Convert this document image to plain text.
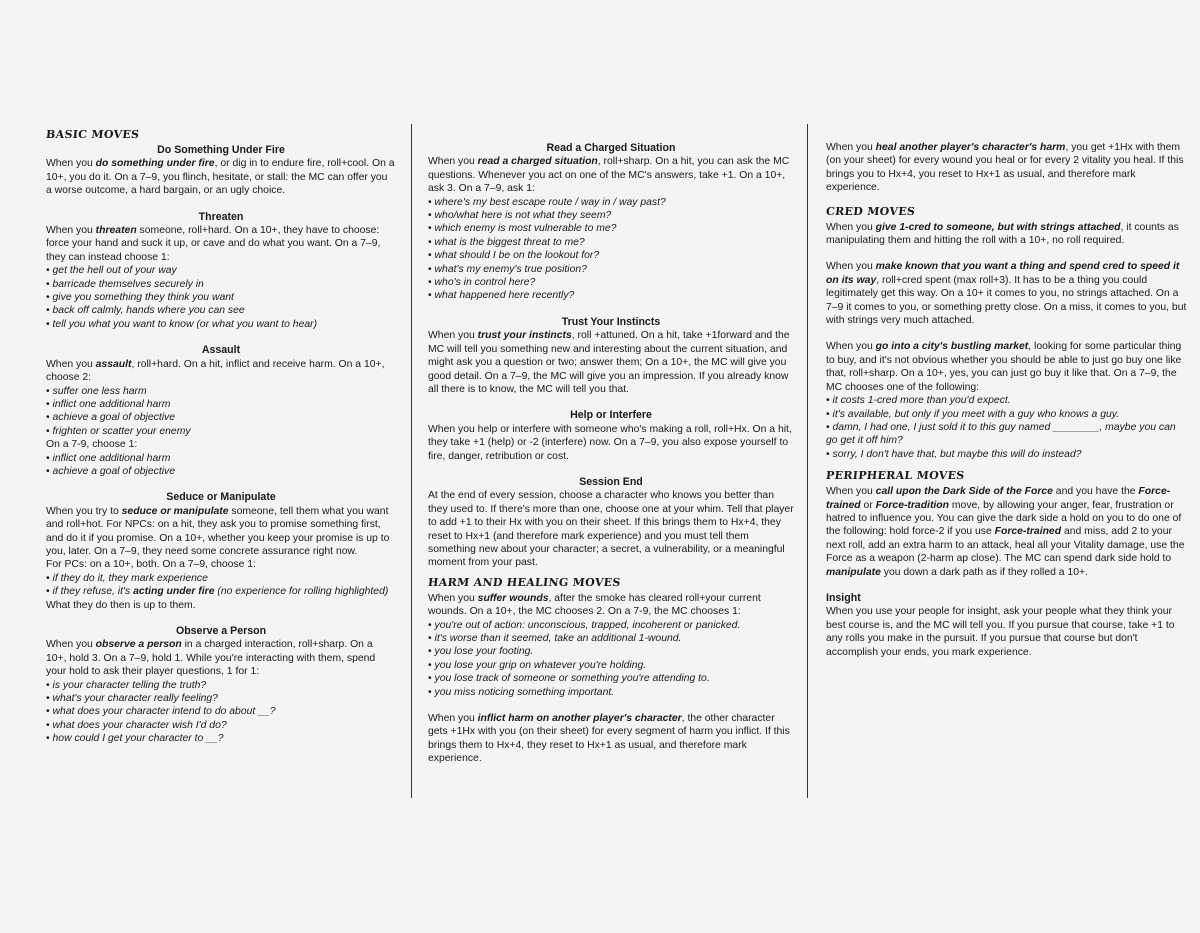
BASIC MOVES

Do Something Under Fire

When you do something under fire, or dig in to endure fire, roll+cool. On a 10+, you do it. On a 7–9, you flinch, hesitate, or stall: the MC can offer you a worse outcome, a hard bargain, or an ugly choice.

Threaten

When you threaten someone, roll+hard. On a 10+, they have to choose: force your hand and suck it up, or cave and do what you want. On a 7–9, they can instead choose 1:

• get the hell out of your way
• barricade themselves securely in
• give you something they think you want
• back off calmly, hands where you can see
• tell you what you want to know (or what you want to hear)

Assault

When you assault, roll+hard. On a hit, inflict and receive harm. On a 10+, choose 2:

• suffer one less harm
• inflict one additional harm
• achieve a goal of objective
• frighten or scatter your enemy

On a 7-9, choose 1:

• inflict one additional harm
• achieve a goal of objective

Seduce or Manipulate

When you try to seduce or manipulate someone, tell them what you want and roll+hot. For NPCs: on a hit, they ask you to promise something first, and do it if you promise. On a 10+, whether you keep your promise is up to you, later. On a 7–9, they need some concrete assurance right now.

For PCs: on a 10+, both. On a 7–9, choose 1:

• if they do it, they mark experience
• if they refuse, it's acting under fire (no experience for rolling highlighted)

What they do then is up to them.

Observe a Person

When you observe a person in a charged interaction, roll+sharp. On a 10+, hold 3. On a 7–9, hold 1. While you're interacting with them, spend your hold to ask their player questions, 1 for 1:

• is your character telling the truth?
• what's your character really feeling?
• what does your character intend to do about __?
• what does your character wish I'd do?
• how could I get your character to __?

Read a Charged Situation

When you read a charged situation, roll+sharp. On a hit, you can ask the MC questions. Whenever you act on one of the MC's answers, take +1. On a 10+, ask 3. On a 7–9, ask 1:

• where's my best escape route / way in / way past?
• who/what here is not what they seem?
• which enemy is most vulnerable to me?
• what is the biggest threat to me?
• what should I be on the lookout for?
• what's my enemy's true position?
• who's in control here?
• what happened here recently?

Trust Your Instincts

When you trust your instincts, roll +attuned. On a hit, take +1forward and the MC will tell you something new and interesting about the current situation, and might ask you a question or two; answer them; On a 10+, the MC will give you good detail. On a 7–9, the MC will give you an impression. If you already know all there is to know, the MC will tell you that.

Help or Interfere

When you help or interfere with someone who's making a roll, roll+Hx. On a hit, they take +1 (help) or -2 (interfere) now. On a 7–9, you also expose yourself to fire, danger, retribution or cost.

Session End

At the end of every session, choose a character who knows you better than they used to. If there's more than one, choose one at your whim. Tell that player to add +1 to their Hx with you on their sheet. If this brings them to Hx+4, they reset to Hx+1 (and therefore mark experience) and you must tell them something new about your character; a secret, a vulnerability, or a meaningful moment from your past.

HARM AND HEALING MOVES

When you suffer wounds, after the smoke has cleared roll+your current wounds. On a 10+, the MC chooses 2. On a 7-9, the MC chooses 1:

• you're out of action: unconscious, trapped, incoherent or panicked.
• it's worse than it seemed, take an additional 1-wound.
• you lose your footing.
• you lose your grip on whatever you're holding.
• you lose track of someone or something you're attending to.
• you miss noticing something important.

When you inflict harm on another player's character, the other character gets +1Hx with you (on their sheet) for every segment of harm you inflict. If this brings them to Hx+4, they reset to Hx+1 as usual, and therefore mark experience.

When you heal another player's character's harm, you get +1Hx with them (on your sheet) for every wound you heal or for every 2 vitality you heal. If this brings you to Hx+4, you reset to Hx+1 as usual, and therefore mark experience.

CRED MOVES

When you give 1-cred to someone, but with strings attached, it counts as manipulating them and hitting the roll with a 10+, no roll required.

When you make known that you want a thing and spend cred to speed it on its way, roll+cred spent (max roll+3). It has to be a thing you could legitimately get this way. On a 10+ it comes to you, no strings attached. On a 7–9 it comes to you, or something pretty close. On a miss, it comes to you, but with strings very much attached.

When you go into a city's bustling market, looking for some particular thing to buy, and it's not obvious whether you should be able to just go buy one like that, roll+sharp. On a 10+, yes, you can just go buy it like that. On a 7–9, the MC chooses one of the following:

• it costs 1-cred more than you'd expect.
• it's available, but only if you meet with a guy who knows a guy.
• damn, I had one, I just sold it to this guy named ________, maybe you can go get it off him?
• sorry, I don't have that, but maybe this will do instead?
PERIPHERAL MOVES

When you call upon the Dark Side of the Force and you have the Force-trained or Force-tradition move, by allowing your anger, fear, frustration or hatred to influence you. You can give the dark side a hold on you to do one of the following: hold force-2 if you use Force-trained and miss, add 2 to your next roll, add an extra harm to an attack, heal all your Vitality damage, use the Force as a weapon (2-harm ap close). The MC can spend dark side hold to manipulate you down a dark path as if they rolled a 10+.

Insight

When you use your people for insight, ask your people what they think your best course is, and the MC will tell you. If you pursue that course, take +1 to any rolls you make in the pursuit. If you pursue that course but don't accomplish your ends, you mark experience.
